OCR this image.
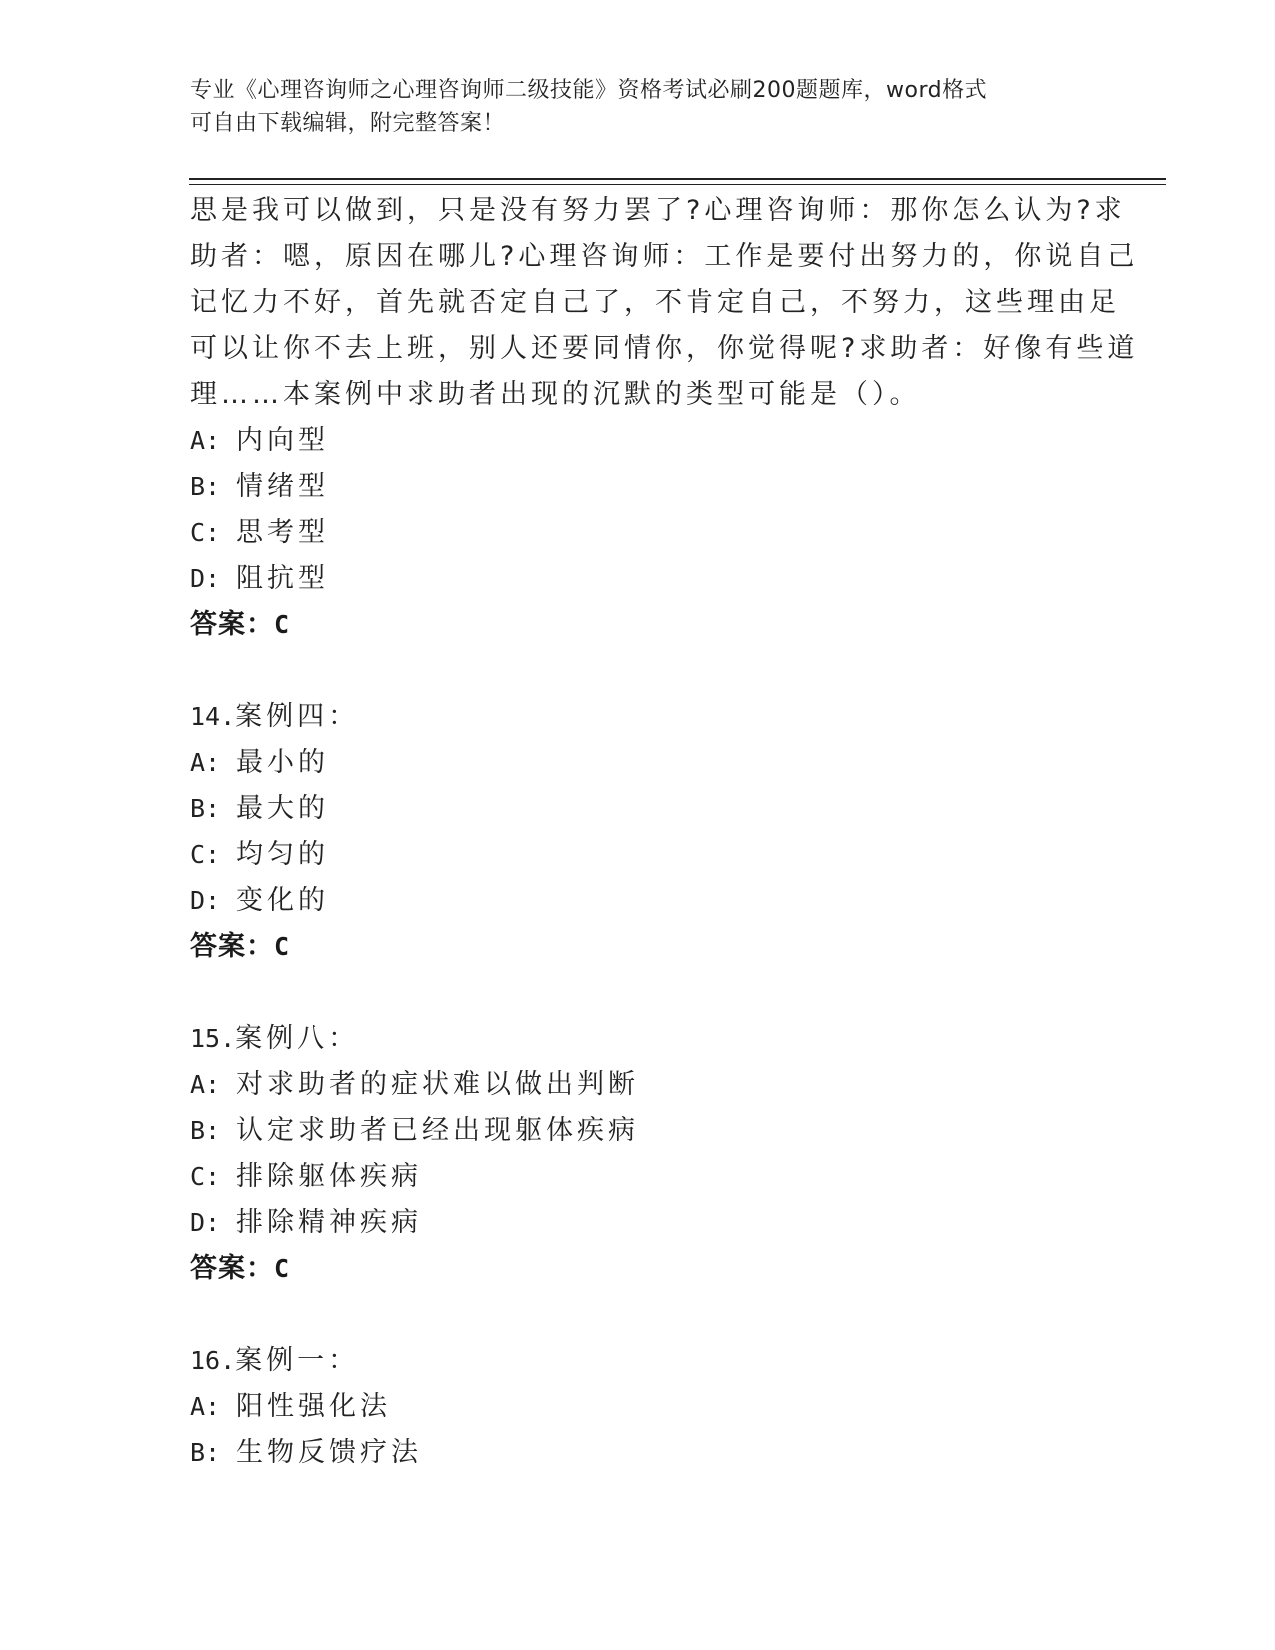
专业《心理咨询师之心理咨询师二级技能》资格考试必刷200题题库，word格式
可自由下载编辑，附完整答案！
思是我可以做到，只是没有努力罢了?心理咨询师：那你怎么认为?求
助者：嗯，原因在哪儿?心理咨询师：工作是要付出努力的，你说自己
记忆力不好，首先就否定自己了，不肯定自己，不努力，这些理由足
可以让你不去上班，别人还要同情你，你觉得呢?求助者：好像有些道
理……本案例中求助者出现的沉默的类型可能是（）。
A: 内向型
B: 情绪型
C: 思考型
D: 阻抗型
答案：C
14.案例四：
A: 最小的
B: 最大的
C: 均匀的
D: 变化的
答案：C
15.案例八：
A: 对求助者的症状难以做出判断
B: 认定求助者已经出现躯体疾病
C: 排除躯体疾病
D: 排除精神疾病
答案：C
16.案例一：
A: 阳性强化法
B: 生物反馈疗法
